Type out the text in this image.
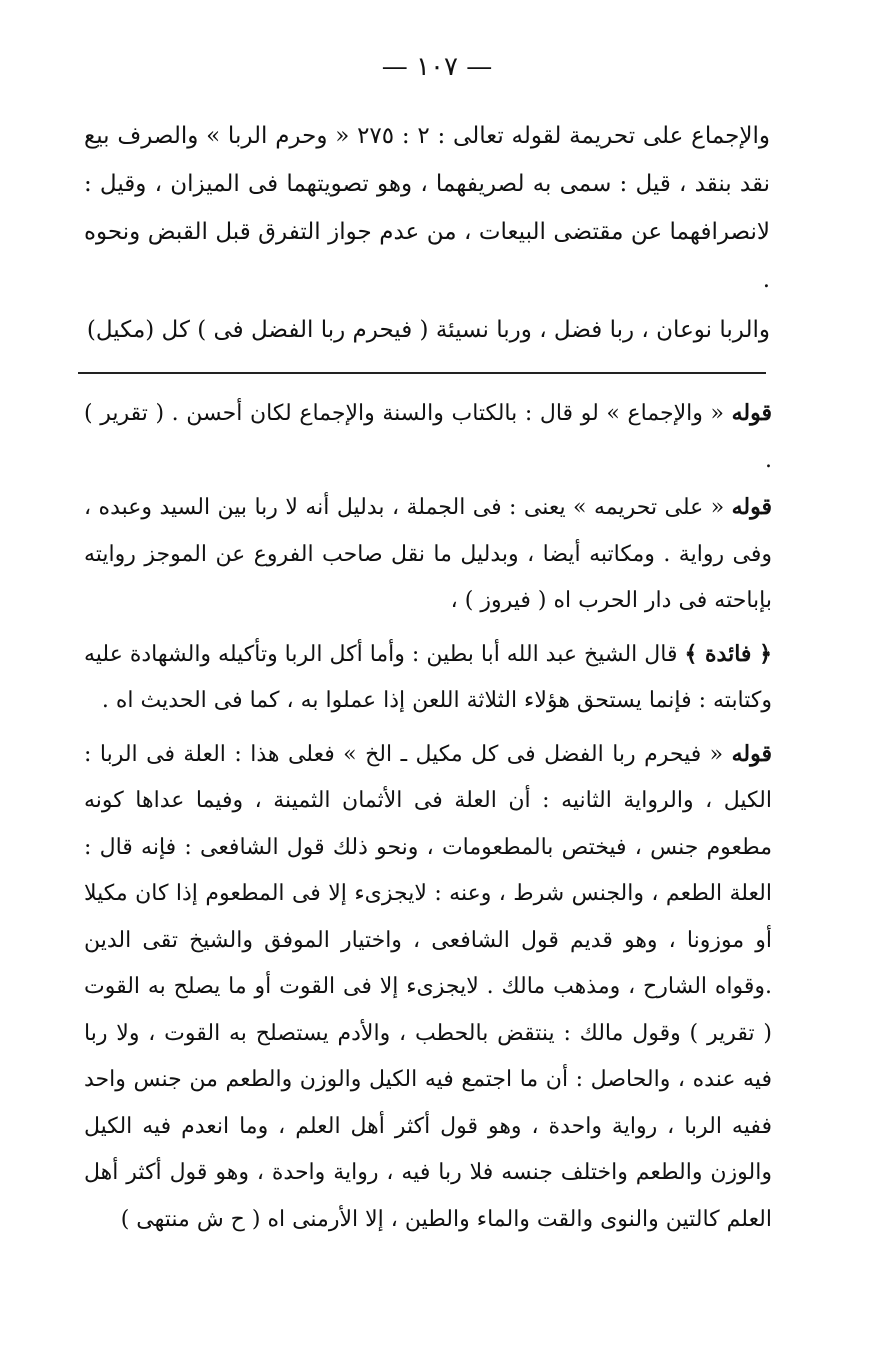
— ١٠٧ —

والإجماع على تحريمة لقوله تعالى : ٢ : ٢٧٥ « وحرم الربا » والصرف بيع نقد بنقد ، قيل : سمى به لصريفهما ، وهو تصويتهما فى الميزان ، وقيل : لانصرافهما عن مقتضى البيعات ، من عدم جواز التفرق قبل القبض ونحوه .

والربا نوعان ، ربا فضل ، وربا نسيئة ( فيحرم ربا الفضل فى ) كل (مكيل)

قوله « والإجماع » لو قال : بالكتاب والسنة والإجماع لكان أحسن . ( تقرير ) .

قوله « على تحريمه » يعنى : فى الجملة ، بدليل أنه لا ربا بين السيد وعبده ، وفى رواية . ومكاتبه أيضا ، وبدليل ما نقل صاحب الفروع عن الموجز روايته بإباحته فى دار الحرب اه ( فيروز ) ،

﴿ فائدة ﴾ قال الشيخ عبد الله أبا بطين : وأما أكل الربا وتأكيله والشهادة عليه وكتابته : فإنما يستحق هؤلاء الثلاثة اللعن إذا عملوا به ، كما فى الحديث اه .

قوله « فيحرم ربا الفضل فى كل مكيل ـ الخ » فعلى هذا : العلة فى الربا : الكيل ، والرواية الثانيه : أن العلة فى الأثمان الثمينة ، وفيما عداها كونه مطعوم جنس ، فيختص بالمطعومات ، ونحو ذلك قول الشافعى : فإنه قال : العلة الطعم ، والجنس شرط ، وعنه : لايجزىء إلا فى المطعوم إذا كان مكيلا أو موزونا ، وهو قديم قول الشافعى ، واختيار الموفق والشيخ تقى الدين .وقواه الشارح ، ومذهب مالك . لايجزىء إلا فى القوت أو ما يصلح به القوت ( تقرير ) وقول مالك : ينتقض بالحطب ، والأدم يستصلح به القوت ، ولا ربا فيه عنده ، والحاصل : أن ما اجتمع فيه الكيل والوزن والطعم من جنس واحد ففيه الربا ، رواية واحدة ، وهو قول أكثر أهل العلم ، وما انعدم فيه الكيل والوزن والطعم واختلف جنسه فلا ربا فيه ، رواية واحدة ، وهو قول أكثر أهل العلم كالتين والنوى والقت والماء والطين ، إلا الأرمنى اه ( ح ش منتهى )
